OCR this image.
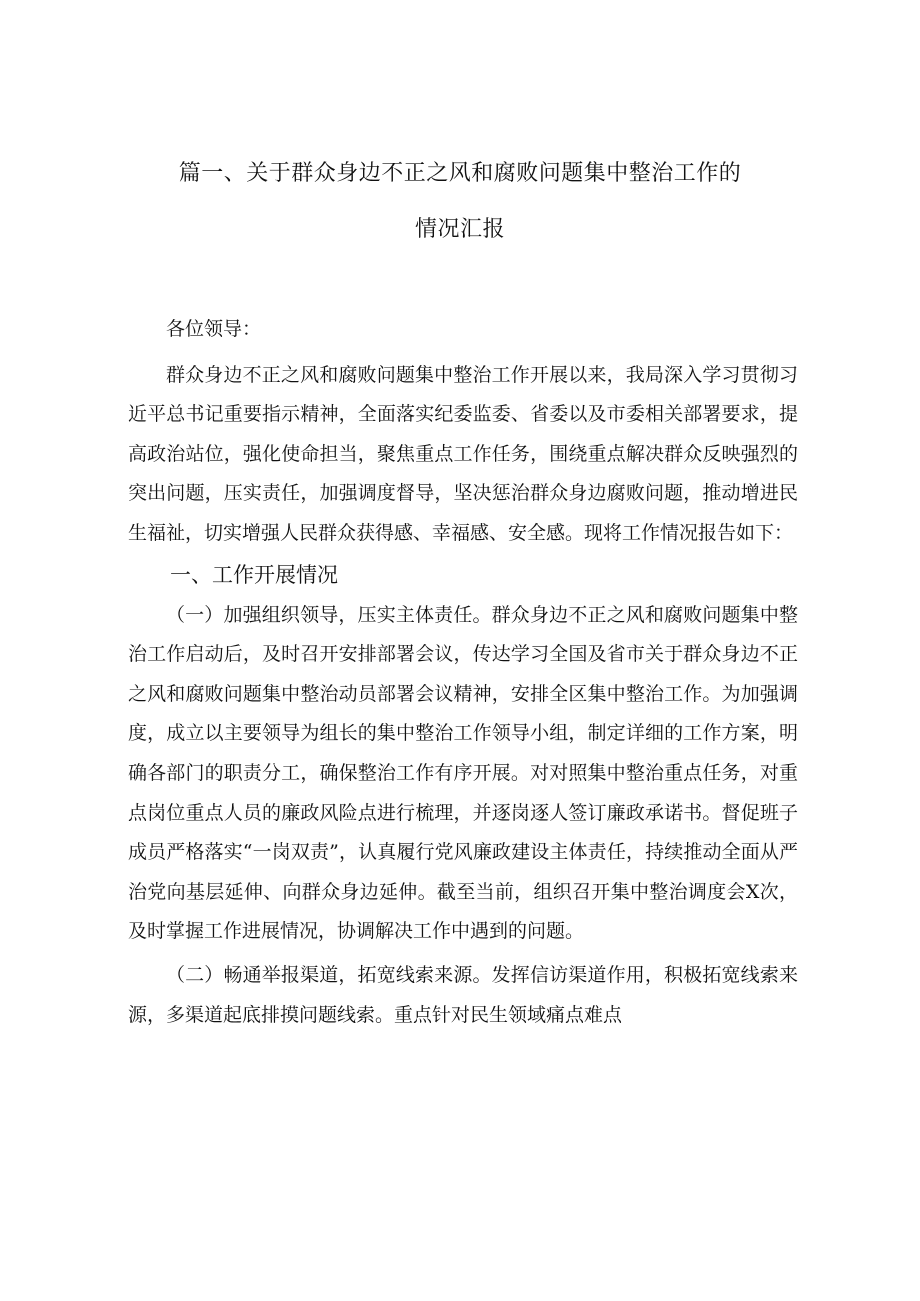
篇一、关于群众身边不正之风和腐败问题集中整治工作的
情况汇报

各位领导：

群众身边不正之风和腐败问题集中整治工作开展以来，我局深入学习贯彻习近平总书记重要指示精神，全面落实纪委监委、省委以及市委相关部署要求，提高政治站位，强化使命担当，聚焦重点工作任务，围绕重点解决群众反映强烈的突出问题，压实责任，加强调度督导，坚决惩治群众身边腐败问题，推动增进民生福祉，切实增强人民群众获得感、幸福感、安全感。现将工作情况报告如下：

一、工作开展情况

（一）加强组织领导，压实主体责任。群众身边不正之风和腐败问题集中整治工作启动后，及时召开安排部署会议，传达学习全国及省市关于群众身边不正之风和腐败问题集中整治动员部署会议精神，安排全区集中整治工作。为加强调度，成立以主要领导为组长的集中整治工作领导小组，制定详细的工作方案，明确各部门的职责分工，确保整治工作有序开展。对对照集中整治重点任务，对重点岗位重点人员的廉政风险点进行梳理，并逐岗逐人签订廉政承诺书。督促班子成员严格落实“一岗双责”，认真履行党风廉政建设主体责任，持续推动全面从严治党向基层延伸、向群众身边延伸。截至当前，组织召开集中整治调度会X次，及时掌握工作进展情况，协调解决工作中遇到的问题。

（二）畅通举报渠道，拓宽线索来源。发挥信访渠道作用，积极拓宽线索来源，多渠道起底排摸问题线索。重点针对民生领域痛点难点
